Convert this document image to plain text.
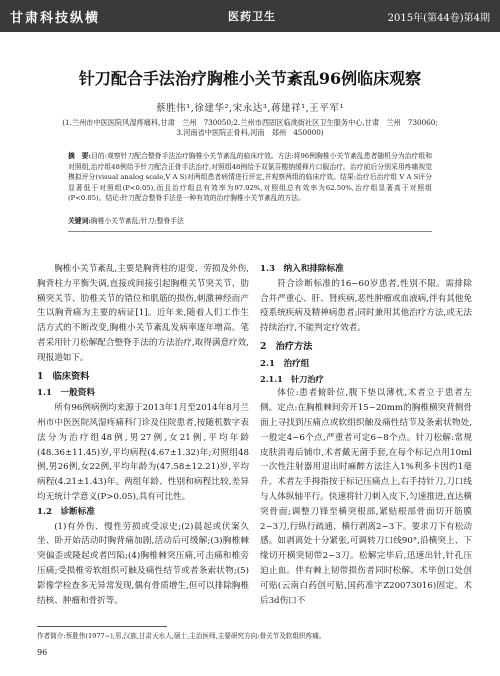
甘肃科技纵横	医药卫生	2015年(第44卷)第4期
针刀配合手法治疗胸椎小关节紊乱96例临床观察
蔡胜伟¹,徐建华²,宋永达³,蒋建祥¹,王平军¹
(1.兰州市中医医院风湿疼痛科,甘肃　兰州　730050;2.兰州市西固区临洮街社区卫生服务中心,甘肃　兰州　730060;
3.河南省中医院正骨科,河南　郑州　450000)
摘　要:目的:观察针刀配合整脊手法治疗胸椎小关节紊乱的临床疗效。方法:将96例胸椎小关节紊乱患者随机分为治疗组和对照组,治疗组48例给予针刀配合正骨手法治疗,对照组48例给予双氯芬酸钠缓释片口服治疗。治疗前后分别采用疼痛视觉模拟评分(visual analog scale,V A S)对两组患者病情进行评定,并观察两组的临床疗效。结果:治疗后治疗组 V A S评分显著低于对照组(P<0.05),而且治疗组总有效率为97.92%,对照组总有效率为62.50%,治疗组显著高于对照组(P<0.05)。结论:针刀配合整脊手法是一种有效的治疗胸椎小关节紊乱的方法。
关键词:胸椎小关节紊乱;针刀;整脊手法

胸椎小关节紊乱,主要是胸背柱的退变、劳损及外伤,胸背柱力平衡失调,直接或间接引起胸椎关节突关节、肋横突关节、肋椎关节的错位和肌筋的损伤,刺激神经而产生以胸背痛为主要的病证[1]。近年来,随着人们工作生活方式的不断改变,胸椎小关节紊乱发病率逐年增高。笔者采用针刀松解配合整脊手法的方法治疗,取得满意疗效,现报道如下。

1　临床资料
1.1　一般资料

所有96例病例均来源于2013年1月至2014年8月兰州市中医医院风湿疼痛科门诊及住院患者,按随机数字表法分为治疗组48例,男27例,女21例,平均年龄(48.36±11.45)岁,平均病程(4.67±1.32)年;对照组48例,男26例,女22例,平均年龄为(47.58±12.21)岁,平均病程(4.21±1.43)年。两组年龄、性别和病程比较,差异均无统计学意义(P>0.05),具有可比性。

1.2　诊断标准

(1)有外伤、慢性劳损或受凉史;(2)晨起或伏案久坐、卧开始活动时胸背痛加剧,活动后可缓解;(3)胸椎棘突偏歪或隆起或者凹陷;(4)胸椎棘突压痛,可击痛和椎旁压痛;受损椎旁软组织可触及痛性结节或者条索状物;(5)影像学检查多无异常发现,偶有骨质增生,但可以排除胸椎结核、肿瘤和骨折等。

1.3　纳入和排除标准

符合诊断标准的16~60岁患者,性别不限。需排除合并严重心、肝、肾疾病,恶性肿瘤或血液病,伴有其他免疫系统疾病及精神病患者;同时兼用其他治疗方法,或无法持续治疗,不能判定疗效者。

2　治疗方法
2.1　治疗组
2.1.1　针刀治疗

体位:患者俯卧位,腹下垫以薄枕,术者立于患者左侧。定点:在胸椎棘间旁开15~20mm的胸椎横突背侧骨面上寻找到压痛点或软组织触及痛性结节及条索状物处,一般定4~6个点,严重者可定6~8个点。针刀松解:常规皮肤消毒后铺巾,术者戴无菌手套,在每个标记点用10ml一次性注射器用退出时麻醉方法注入1%利多卡因约1毫升。术者左手拇指按于标记压痛点上,右手持针刀,刀口线与人体纵轴平行。快速将针刀刺入皮下,匀速推进,直达横突骨面;调整刀锋至横突根部,紧贴根部骨面切开筋膜2~3刀,行纵行疏通、横行剥离2~3下。要求刀下有松动感。如剥离处十分紧张,可调转刀口线90°,沿横突上、下缘切开横突韧带2~3刀。松解完毕后,迅速出针,针孔压迫止血。伴有棘上韧带损伤者同时松解。术毕创口处创可贴(云南白药创可贴,国药准字Z20073016)固定。术后3d伤口不

作者简介:蔡胜伟(1977~),男,汉族,甘肃天水人,硕士,主治医师,主要研究方向:骨关节及软组织疼痛。
96
